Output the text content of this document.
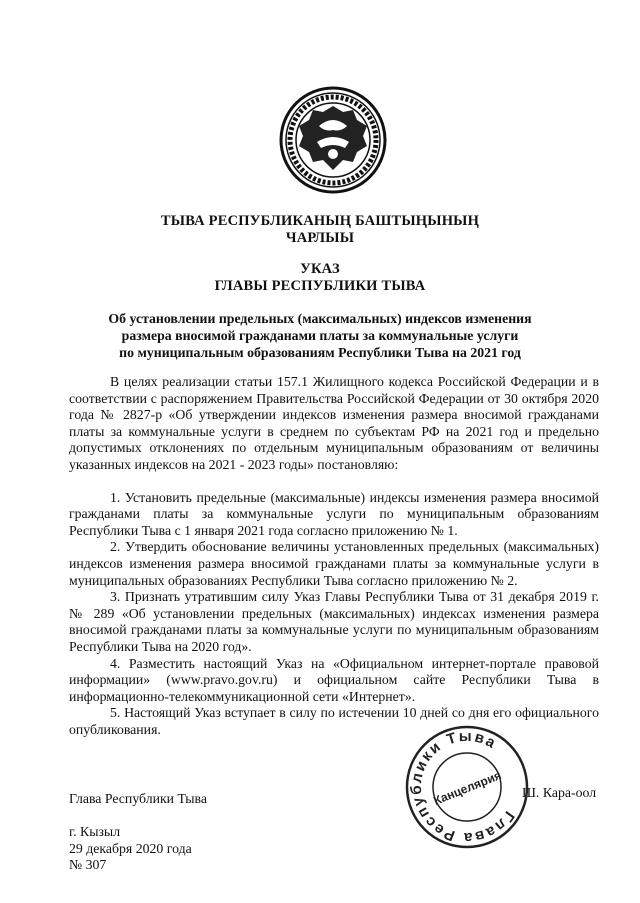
ТЫВА РЕСПУБЛИКАНЫҢ БАШТЫҢЫНЫҢ
ЧАРЛЫЫ
УКАЗ
ГЛАВЫ РЕСПУБЛИКИ ТЫВА
Об установлении предельных (максимальных) индексов изменения
размера вносимой гражданами платы за коммунальные услуги
по муниципальным образованиям Республики Тыва на 2021 год

В целях реализации статьи 157.1 Жилищного кодекса Российской Федерации и в соответствии с распоряжением Правительства Российской Федерации от 30 октября 2020 года № 2827-р «Об утверждении индексов изменения размера вносимой гражданами платы за коммунальные услуги в среднем по субъектам РФ на 2021 год и предельно допустимых отклонениях по отдельным муниципальным образованиям от величины указанных индексов на 2021 - 2023 годы» постановляю:

1. Установить предельные (максимальные) индексы изменения размера вносимой гражданами платы за коммунальные услуги по муниципальным образованиям Республики Тыва с 1 января 2021 года согласно приложению № 1.

2. Утвердить обоснование величины установленных предельных (максимальных) индексов изменения размера вносимой гражданами платы за коммунальные услуги в муниципальных образованиях Республики Тыва согласно приложению № 2.

3. Признать утратившим силу Указ Главы Республики Тыва от 31 декабря 2019 г. № 289 «Об установлении предельных (максимальных) индексах изменения размера вносимой гражданами платы за коммунальные услуги по муниципальным образованиям Республики Тыва на 2020 год».

4. Разместить настоящий Указ на «Официальном интернет-портале правовой информации» (www.pravo.gov.ru) и официальном сайте Республики Тыва в информационно-телекоммуникационной сети «Интернет».

5. Настоящий Указ вступает в силу по истечении 10 дней со дня его официального опубликования.

Глава Республики Тыва	Ш. Кара-оол
г. Кызыл
29 декабря 2020 года
№ 307
Глава Республики Тыва
Канцелярия
